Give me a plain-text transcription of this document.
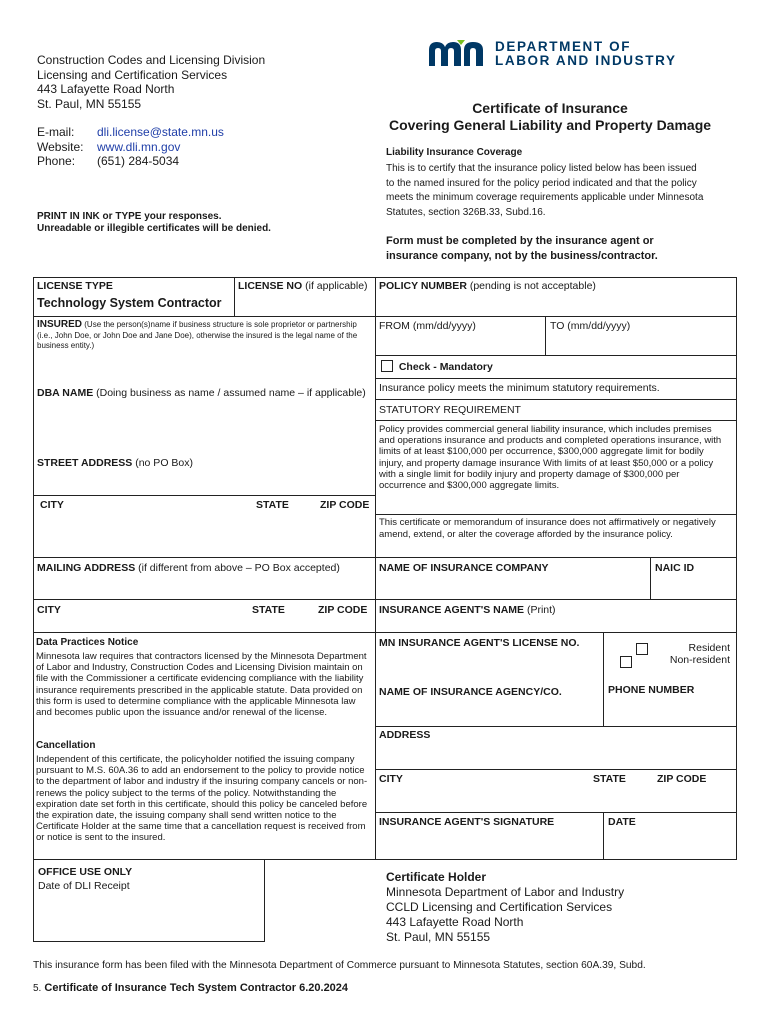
Construction Codes and Licensing Division
Licensing and Certification Services
443 Lafayette Road North
St. Paul, MN 55155
E-mail: dli.license@state.mn.us
Website: www.dli.mn.gov
Phone: (651) 284-5034
PRINT IN INK or TYPE your responses.
Unreadable or illegible certificates will be denied.
DEPARTMENT OF
LABOR AND INDUSTRY
Certificate of Insurance
Covering General Liability and Property Damage
Liability Insurance Coverage
This is to certify that the insurance policy listed below has been issued to the named insured for the policy period indicated and that the policy meets the minimum coverage requirements applicable under Minnesota Statutes, section 326B.33, Subd.16.
Form must be completed by the insurance agent or insurance company, not by the business/contractor.
LICENSE TYPE
Technology System Contractor
LICENSE NO (if applicable)
INSURED (Use the person(s)name if business structure is sole proprietor or partnership (i.e., John Doe, or John Doe and Jane Doe), otherwise the insured is the legal name of the business entity.)
DBA NAME (Doing business as name / assumed name – if applicable)
STREET ADDRESS (no PO Box)
CITY	STATE	ZIP CODE
MAILING ADDRESS (if different from above – PO Box accepted)
CITY	STATE	ZIP CODE
Data Practices Notice
Minnesota law requires that contractors licensed by the Minnesota Department of Labor and Industry, Construction Codes and Licensing Division maintain on file with the Commissioner a certificate evidencing compliance with the liability insurance requirements prescribed in the applicable statute. Data provided on this form is used to determine compliance with the applicable Minnesota law and becomes public upon the issuance and/or renewal of the license.
Cancellation
Independent of this certificate, the policyholder notified the issuing company pursuant to M.S. 60A.36 to add an endorsement to the policy to provide notice to the department of labor and industry if the insuring company cancels or non- renews the policy subject to the terms of the policy. Notwithstanding the expiration date set forth in this certificate, should this policy be canceled before the expiration date, the issuing company shall send written notice to the Certificate Holder at the same time that a cancellation request is received from or notice is sent to the insured.
OFFICE USE ONLY
Date of DLI Receipt
POLICY NUMBER (pending is not acceptable)
FROM (mm/dd/yyyy)	TO (mm/dd/yyyy)
Check - Mandatory
Insurance policy meets the minimum statutory requirements.
STATUTORY REQUIREMENT
Policy provides commercial general liability insurance, which includes premises and operations insurance and products and completed operations insurance, with limits of at least $100,000 per occurrence, $300,000 aggregate limit for bodily injury, and property damage insurance With limits of at least $50,000 or a policy with a single limit for bodily injury and property damage of $300,000 per occurrence and $300,000 aggregate limits.
This certificate or memorandum of insurance does not affirmatively or negatively amend, extend, or alter the coverage afforded by the insurance policy.
NAME OF INSURANCE COMPANY	NAIC ID
INSURANCE AGENT'S NAME (Print)
MN INSURANCE AGENT'S LICENSE NO.	Resident
Non-resident
NAME OF INSURANCE AGENCY/CO.	PHONE NUMBER
ADDRESS
CITY	STATE	ZIP CODE
INSURANCE AGENT'S SIGNATURE	DATE
Certificate Holder
Minnesota Department of Labor and Industry
CCLD Licensing and Certification Services
443 Lafayette Road North
St. Paul, MN 55155
This insurance form has been filed with the Minnesota Department of Commerce pursuant to Minnesota Statutes, section 60A.39, Subd.
5. Certificate of Insurance Tech System Contractor 6.20.2024
